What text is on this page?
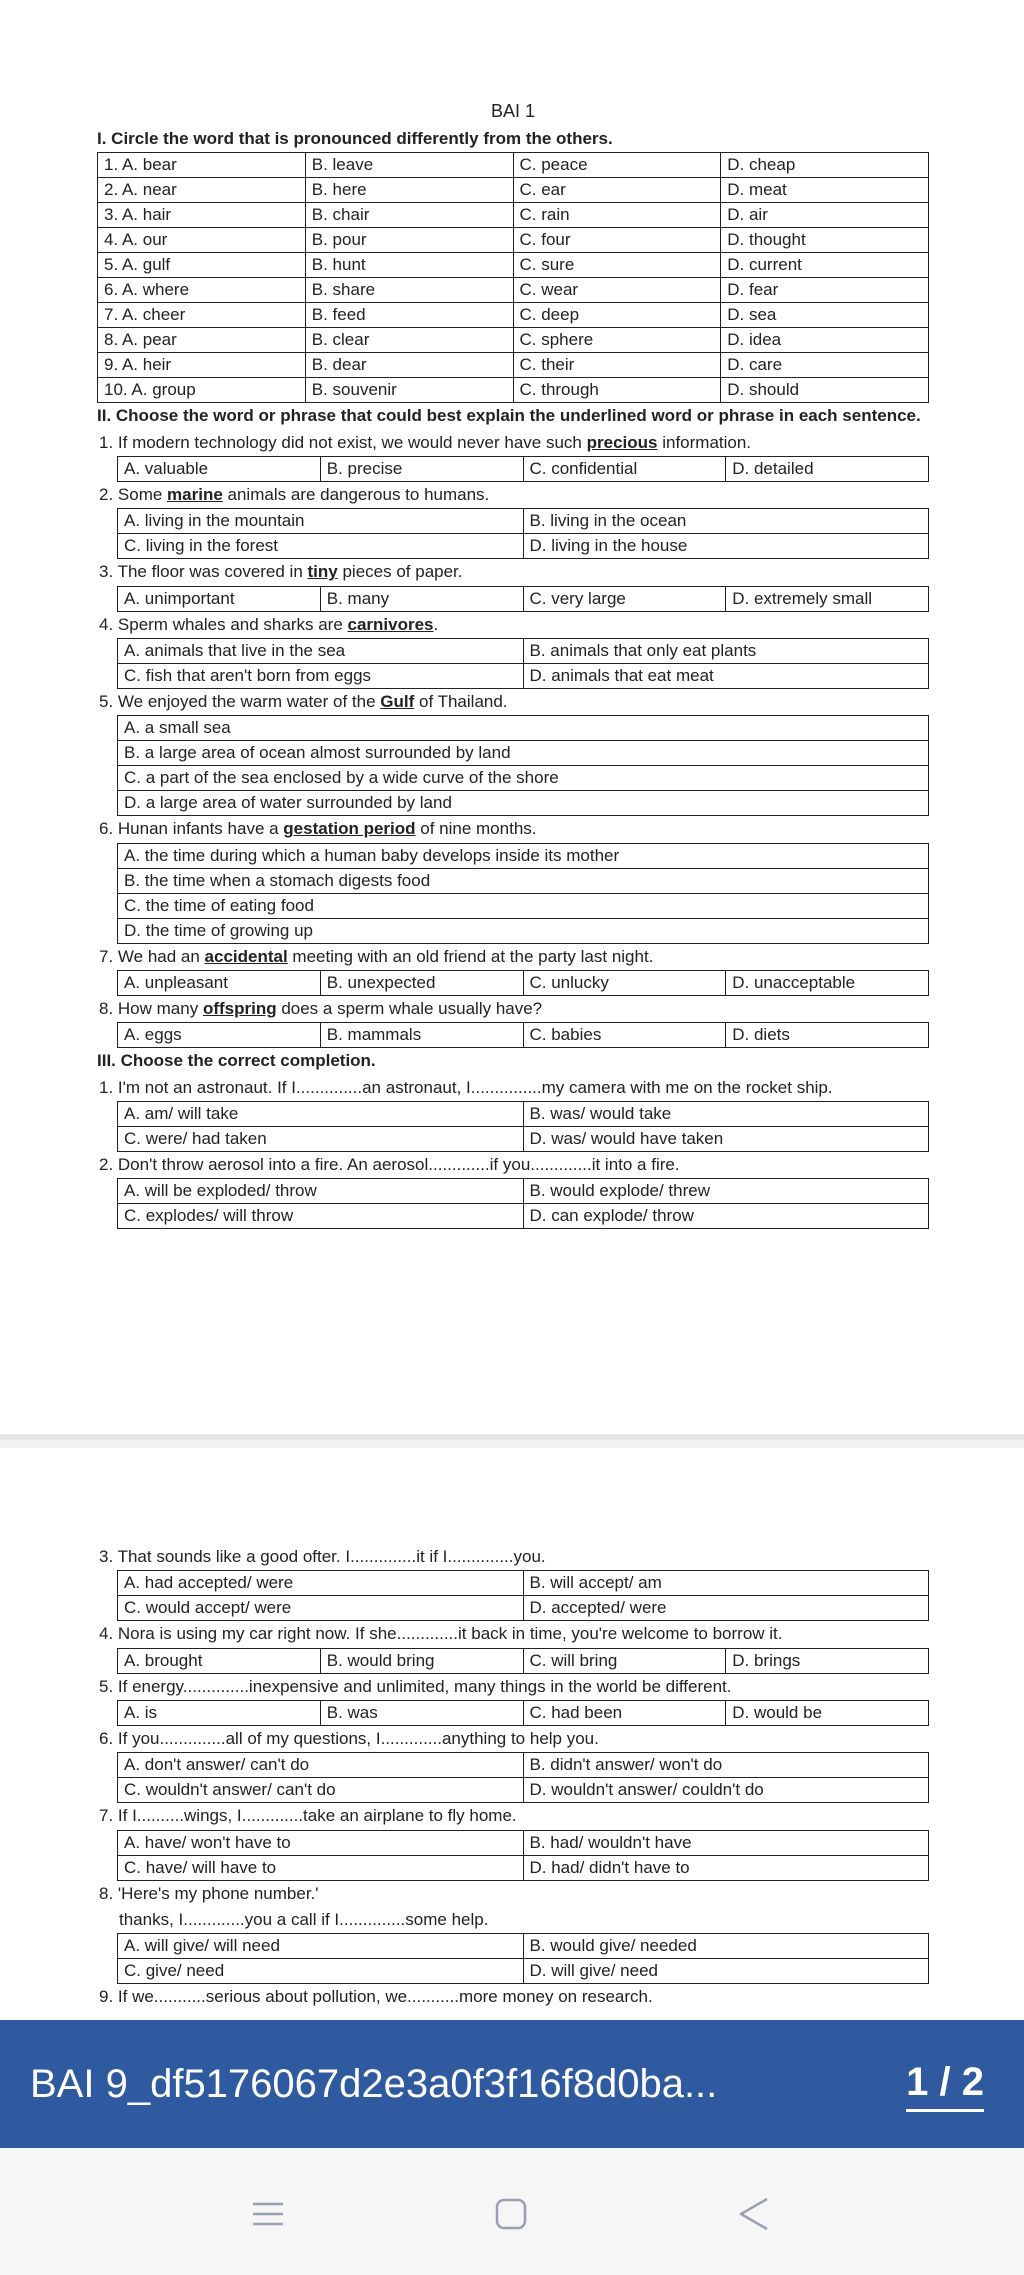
BAI 1

I. Circle the word that is pronounced differently from the others.

1. A. bear	B. leave	C. peace	D. cheap
2. A. near	B. here	C. ear	D. meat
3. A. hair	B. chair	C. rain	D. air
4. A. our	B. pour	C. four	D. thought
5. A. gulf	B. hunt	C. sure	D. current
6. A. where	B. share	C. wear	D. fear
7. A. cheer	B. feed	C. deep	D. sea
8. A. pear	B. clear	C. sphere	D. idea
9. A. heir	B. dear	C. their	D. care
10. A. group	B. souvenir	C. through	D. should

II. Choose the word or phrase that could best explain the underlined word or phrase in each sentence.

1. If modern technology did not exist, we would never have such precious information.

A. valuable	B. precise	C. confidential	D. detailed

2. Some marine animals are dangerous to humans.

A. living in the mountain	B. living in the ocean
C. living in the forest	D. living in the house

3. The floor was covered in tiny pieces of paper.

A. unimportant	B. many	C. very large	D. extremely small

4. Sperm whales and sharks are carnivores.

A. animals that live in the sea	B. animals that only eat plants
C. fish that aren't born from eggs	D. animals that eat meat

5. We enjoyed the warm water of the Gulf of Thailand.

A. a small sea
B. a large area of ocean almost surrounded by land
C. a part of the sea enclosed by a wide curve of the shore
D. a large area of water surrounded by land

6. Hunan infants have a gestation period of nine months.

A. the time during which a human baby develops inside its mother
B. the time when a stomach digests food
C. the time of eating food
D. the time of growing up

7. We had an accidental meeting with an old friend at the party last night.

A. unpleasant	B. unexpected	C. unlucky	D. unacceptable

8. How many offspring does a sperm whale usually have?

A. eggs	B. mammals	C. babies	D. diets

III. Choose the correct completion.

1. I'm not an astronaut. If I..............an astronaut, I...............my camera with me on the rocket ship.

A. am/ will take	B. was/ would take
C. were/ had taken	D. was/ would have taken

2. Don't throw aerosol into a fire. An aerosol.............if you.............it into a fire.

A. will be exploded/ throw	B. would explode/ threw
C. explodes/ will throw	D. can explode/ throw

3. That sounds like a good ofter. I..............it if I..............you.

A. had accepted/ were	B. will accept/ am
C. would accept/ were	D. accepted/ were

4. Nora is using my car right now. If she.............it back in time, you're welcome to borrow it.

A. brought	B. would bring	C. will bring	D. brings

5. If energy..............inexpensive and unlimited, many things in the world be different.

A. is	B. was	C. had been	D. would be

6. If you..............all of my questions, I.............anything to help you.

A. don't answer/ can't do	B. didn't answer/ won't do
C. wouldn't answer/ can't do	D. wouldn't answer/ couldn't do

7. If I..........wings, I.............take an airplane to fly home.

A. have/ won't have to	B. had/ wouldn't have
C. have/ will have to	D. had/ didn't have to

8. 'Here's my phone number.'

thanks, I.............you a call if I..............some help.

A. will give/ will need	B. would give/ needed
C. give/ need	D. will give/ need

9. If we...........serious about pollution, we...........more money on research.

BAI 9_df5176067d2e3a0f3f16f8d0ba...	1 / 2
